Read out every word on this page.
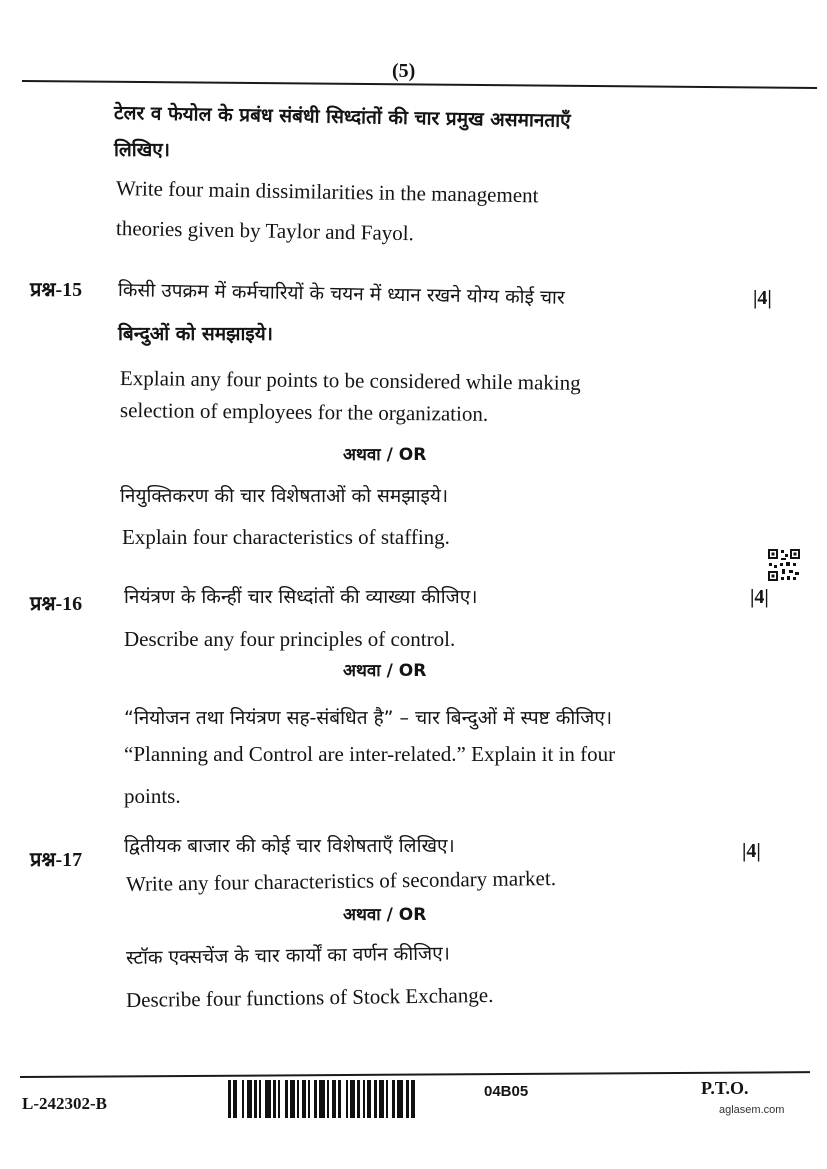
(5)
टेलर व फेयोल के प्रबंध संबंधी सिध्दांतों की चार प्रमुख असमानताएँ
लिखिए।
Write four main dissimilarities in the management
theories given by Taylor and Fayol.
प्रश्न-15	|4|
किसी उपक्रम में कर्मचारियों के चयन में ध्यान रखने योग्य कोई चार
बिन्दुओं को समझाइये।
Explain any four points to be considered while making
selection of employees for the organization.
अथवा / OR
नियुक्तिकरण की चार विशेषताओं को समझाइये।
Explain four characteristics of staffing.
प्रश्न-16	|4|
नियंत्रण के किन्हीं चार सिध्दांतों की व्याख्या कीजिए।
Describe any four principles of control.
अथवा / OR
“नियोजन तथा नियंत्रण सह-संबंधित है” – चार बिन्दुओं में स्पष्ट कीजिए।
“Planning and Control are inter-related.” Explain it in four
points.
प्रश्न-17	|4|
द्वितीयक बाजार की कोई चार विशेषताएँ लिखिए।
Write any four characteristics of secondary market.
अथवा / OR
स्टॉक एक्सचेंज के चार कार्यों का वर्णन कीजिए।
Describe four functions of Stock Exchange.
L-242302-B
04B05	P.T.O.
aglasem.com
